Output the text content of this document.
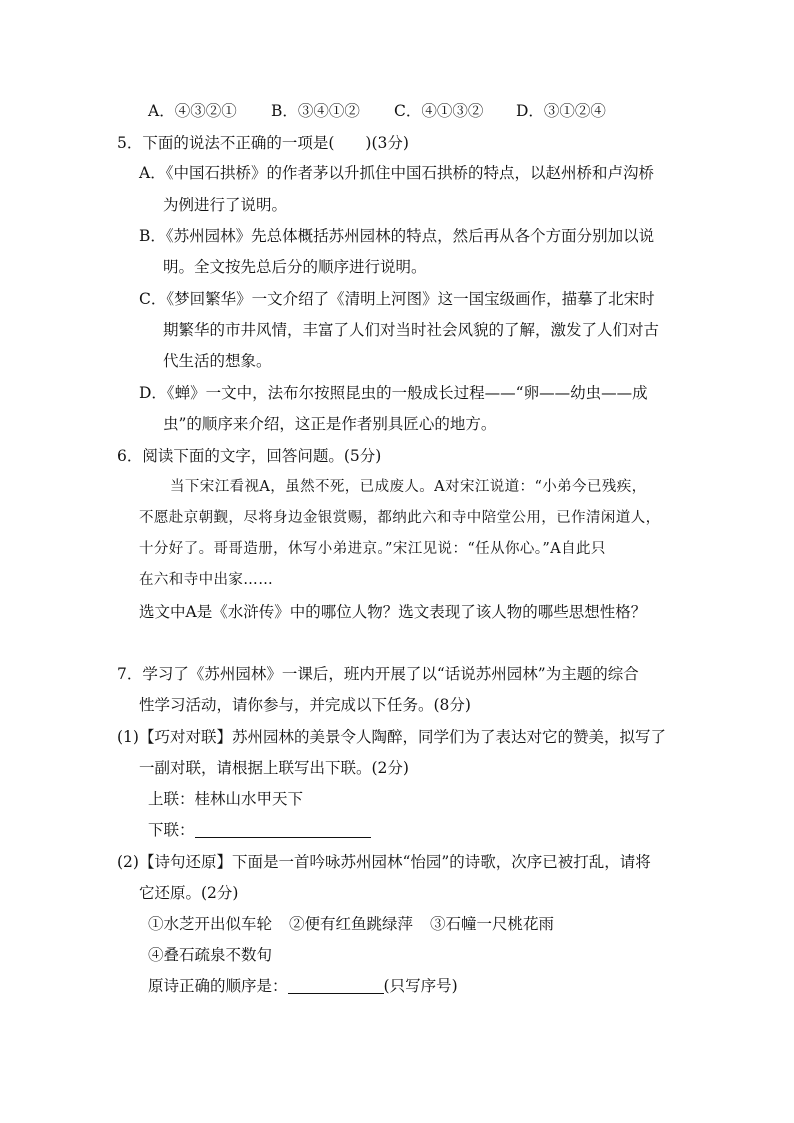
A．④③②① B．③④①② C．④①③② D．③①②④
5．下面的说法不正确的一项是(　　)(3分)
A．《中国石拱桥》的作者茅以升抓住中国石拱桥的特点，以赵州桥和卢沟桥
为例进行了说明。
B．《苏州园林》先总体概括苏州园林的特点，然后再从各个方面分别加以说
明。全文按先总后分的顺序进行说明。
C．《梦回繁华》一文介绍了《清明上河图》这一国宝级画作，描摹了北宋时
期繁华的市井风情，丰富了人们对当时社会风貌的了解，激发了人们对古
代生活的想象。
D．《蝉》一文中，法布尔按照昆虫的一般成长过程——“卵——幼虫——成
虫”的顺序来介绍，这正是作者别具匠心的地方。
6．阅读下面的文字，回答问题。(5分)
当下宋江看视A，虽然不死，已成废人。A对宋江说道：“小弟今已残疾，
不愿赴京朝觐，尽将身边金银赏赐，都纳此六和寺中陪堂公用，已作清闲道人，
十分好了。哥哥造册，休写小弟进京。”宋江见说：“任从你心。”A自此只
在六和寺中出家……
选文中A是《水浒传》中的哪位人物？选文表现了该人物的哪些思想性格？
7．学习了《苏州园林》一课后，班内开展了以“话说苏州园林”为主题的综合
性学习活动，请你参与，并完成以下任务。(8分)
(1)【巧对对联】苏州园林的美景令人陶醉，同学们为了表达对它的赞美，拟写了
一副对联，请根据上联写出下联。(2分)
上联：桂林山水甲天下
下联：
(2)【诗句还原】下面是一首吟咏苏州园林“怡园”的诗歌，次序已被打乱，请将
它还原。(2分)
①水芝开出似车轮 ②便有红鱼跳绿萍 ③石幢一尺桃花雨
④叠石疏泉不数旬
原诗正确的顺序是：	(只写序号)
